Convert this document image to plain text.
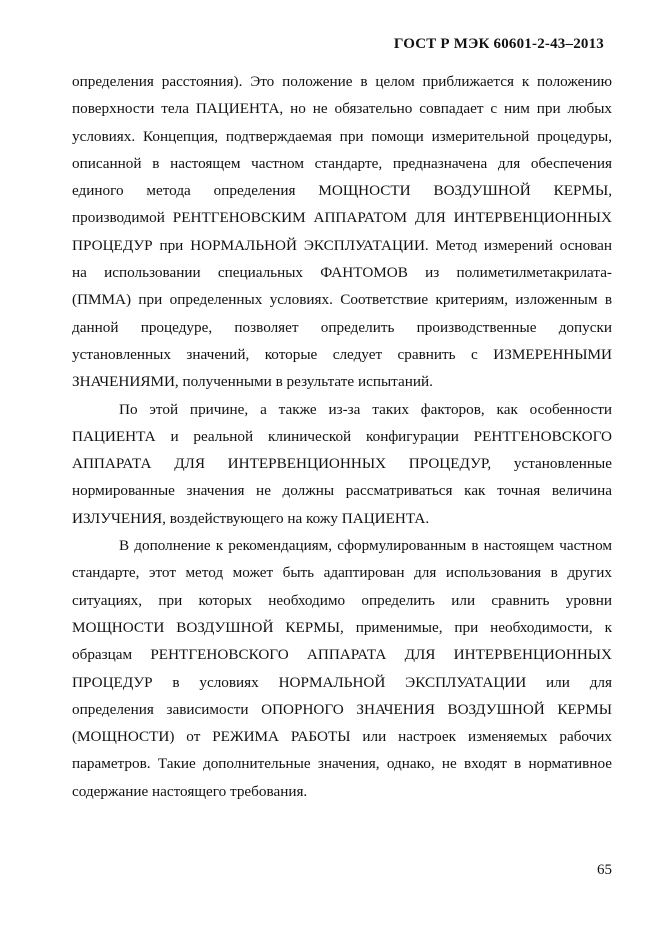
ГОСТ Р МЭК 60601-2-43–2013
определения расстояния). Это положение в целом приближается к положению
поверхности тела ПАЦИЕНТА, но не обязательно совпадает с ним при любых
условиях. Концепция, подтверждаемая при помощи измерительной процедуры,
описанной в настоящем частном стандарте, предназначена для обеспечения
единого метода определения МОЩНОСТИ ВОЗДУШНОЙ КЕРМЫ,
производимой РЕНТГЕНОВСКИМ АППАРАТОМ ДЛЯ ИНТЕРВЕНЦИОННЫХ
ПРОЦЕДУР при НОРМАЛЬНОЙ ЭКСПЛУАТАЦИИ. Метод измерений основан
на использовании специальных ФАНТОМОВ из полиметилметакрилата-
(ПММА) при определенных условиях. Соответствие критериям, изложенным в
данной процедуре, позволяет определить производственные допуски
установленных значений, которые следует сравнить с ИЗМЕРЕННЫМИ
ЗНАЧЕНИЯМИ, полученными в результате испытаний.
По этой причине, а также из-за таких факторов, как особенности
ПАЦИЕНТА и реальной клинической конфигурации РЕНТГЕНОВСКОГО
АППАРАТА ДЛЯ ИНТЕРВЕНЦИОННЫХ ПРОЦЕДУР, установленные
нормированные значения не должны рассматриваться как точная величина
ИЗЛУЧЕНИЯ, воздействующего на кожу ПАЦИЕНТА.
В дополнение к рекомендациям, сформулированным в настоящем частном
стандарте, этот метод может быть адаптирован для использования в других
ситуациях, при которых необходимо определить или сравнить уровни
МОЩНОСТИ ВОЗДУШНОЙ КЕРМЫ, применимые, при необходимости, к
образцам РЕНТГЕНОВСКОГО АППАРАТА ДЛЯ ИНТЕРВЕНЦИОННЫХ
ПРОЦЕДУР в условиях НОРМАЛЬНОЙ ЭКСПЛУАТАЦИИ или для
определения зависимости ОПОРНОГО ЗНАЧЕНИЯ ВОЗДУШНОЙ КЕРМЫ
(МОЩНОСТИ) от РЕЖИМА РАБОТЫ или настроек изменяемых рабочих
параметров. Такие дополнительные значения, однако, не входят в нормативное
содержание настоящего требования.
65
